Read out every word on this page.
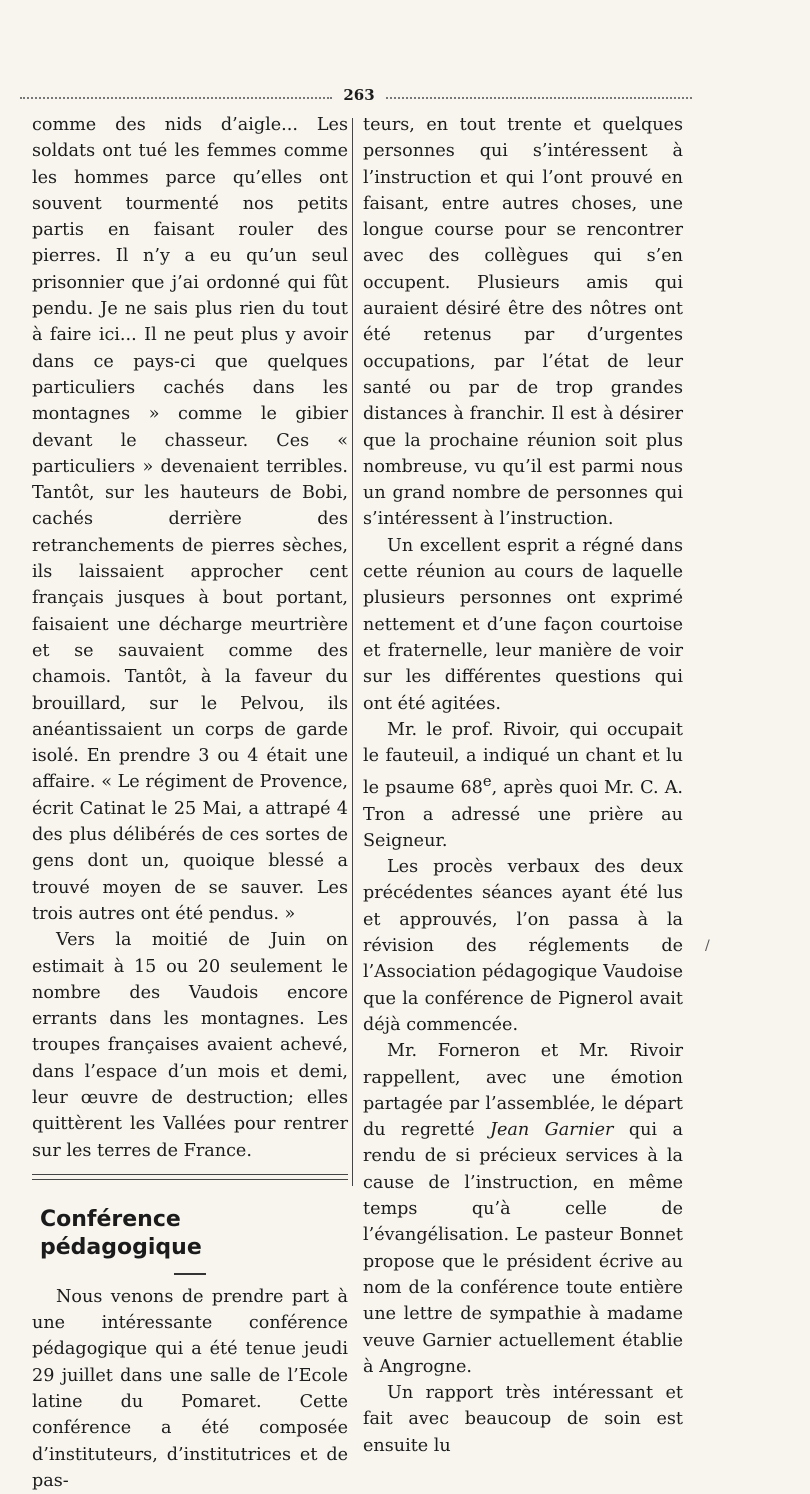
263

comme des nids d’aigle... Les soldats ont tué les femmes comme les hommes parce qu’elles ont souvent tourmenté nos petits partis en faisant rouler des pierres. Il n’y a eu qu’un seul prisonnier que j’ai ordonné qui fût pendu. Je ne sais plus rien du tout à faire ici... Il ne peut plus y avoir dans ce pays-ci que quelques particuliers cachés dans les montagnes » comme le gibier devant le chasseur. Ces « particuliers » devenaient terribles. Tantôt, sur les hauteurs de Bobi, cachés derrière des retranchements de pierres sèches, ils laissaient approcher cent français jusques à bout portant, faisaient une décharge meurtrière et se sauvaient comme des chamois. Tantôt, à la faveur du brouillard, sur le Pelvou, ils anéantissaient un corps de garde isolé. En prendre 3 ou 4 était une affaire. « Le régiment de Provence, écrit Catinat le 25 Mai, a attrapé 4 des plus délibérés de ces sortes de gens dont un, quoique blessé a trouvé moyen de se sauver. Les trois autres ont été pendus. »

Vers la moitié de Juin on estimait à 15 ou 20 seulement le nombre des Vaudois encore errants dans les montagnes. Les troupes françaises avaient achevé, dans l’espace d’un mois et demi, leur œuvre de destruction; elles quittèrent les Vallées pour rentrer sur les terres de France.

Conférence pédagogique

Nous venons de prendre part à une intéressante conférence pédagogique qui a été tenue jeudi 29 juillet dans une salle de l’Ecole latine du Pomaret. Cette conférence a été composée d’instituteurs, d’institutrices et de pas-

teurs, en tout trente et quelques personnes qui s’intéressent à l’instruction et qui l’ont prouvé en faisant, entre autres choses, une longue course pour se rencontrer avec des collègues qui s’en occupent. Plusieurs amis qui auraient désiré être des nôtres ont été retenus par d’urgentes occupations, par l’état de leur santé ou par de trop grandes distances à franchir. Il est à désirer que la prochaine réunion soit plus nombreuse, vu qu’il est parmi nous un grand nombre de personnes qui s’intéressent à l’instruction.

Un excellent esprit a régné dans cette réunion au cours de laquelle plusieurs personnes ont exprimé nettement et d’une façon courtoise et fraternelle, leur manière de voir sur les différentes questions qui ont été agitées.

Mr. le prof. Rivoir, qui occupait le fauteuil, a indiqué un chant et lu le psaume 68e, après quoi Mr. C. A. Tron a adressé une prière au Seigneur.

Les procès verbaux des deux précédentes séances ayant été lus et approuvés, l’on passa à la révision des réglements de l’Association pédagogique Vaudoise que la conférence de Pignerol avait déjà commencée.

Mr. Forneron et Mr. Rivoir rappellent, avec une émotion partagée par l’assemblée, le départ du regretté Jean Garnier qui a rendu de si précieux services à la cause de l’instruction, en même temps qu’à celle de l’évangélisation. Le pasteur Bonnet propose que le président écrive au nom de la conférence toute entière une lettre de sympathie à madame veuve Garnier actuellement établie à Angrogne.

Un rapport très intéressant et fait avec beaucoup de soin est ensuite lu

/
